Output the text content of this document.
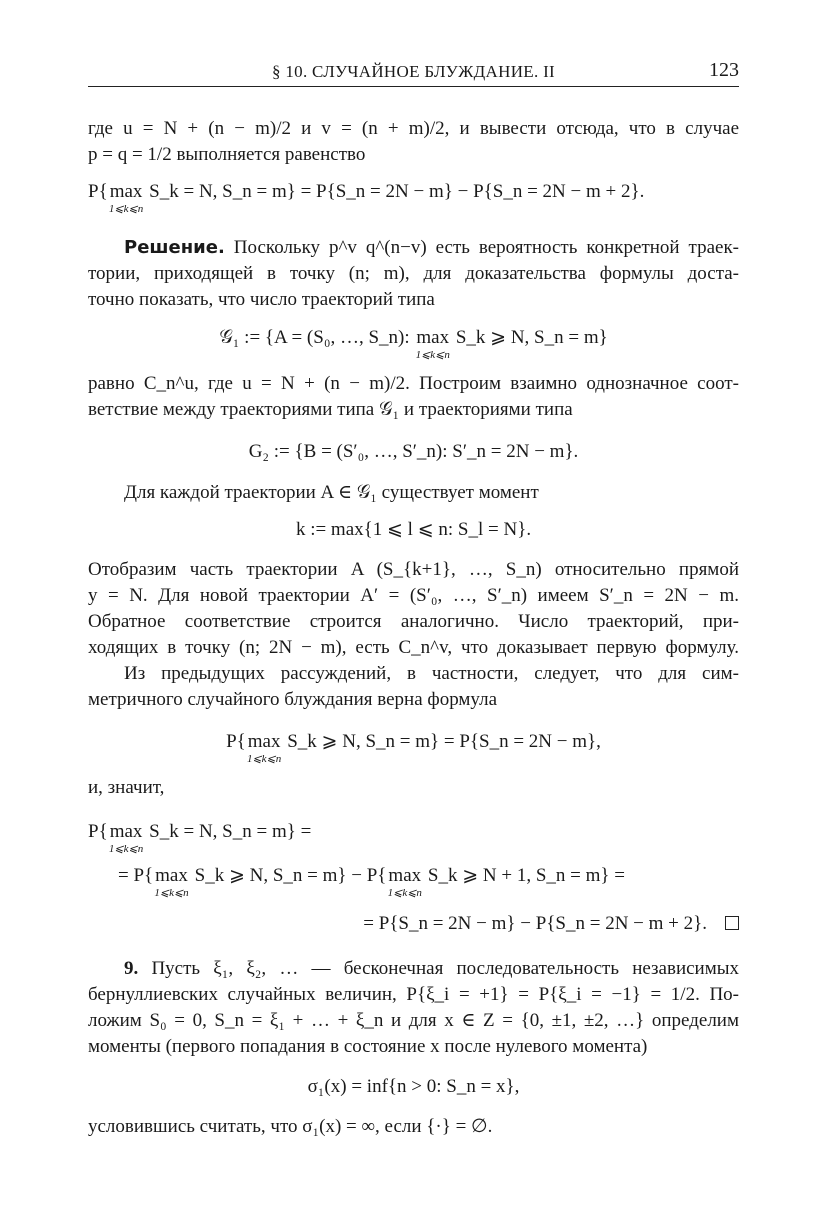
§ 10. СЛУЧАЙНОЕ БЛУЖДАНИЕ. II	123
где u = N + (n − m)/2 и v = (n + m)/2, и вывести отсюда, что в случае
p = q = 1/2 выполняется равенство
P{ max
1⩽k⩽n
S_k = N, S_n = m} = P{S_n = 2N − m} − P{S_n = 2N − m + 2}.
Решение. Поскольку p^v q^(n−v) есть вероятность конкретной траек-
тории, приходящей в точку (n; m), для доказательства формулы доста-
точно показать, что число траекторий типа
𝒢₁ := {A = (S₀, …, S_n): max
1⩽k⩽n
S_k ⩾ N, S_n = m}
равно C_n^u, где u = N + (n − m)/2. Построим взаимно однозначное соот-
ветствие между траекториями типа 𝒢₁ и траекториями типа
G₂ := {B = (S′₀, …, S′_n): S′_n = 2N − m}.
Для каждой траектории A ∈ 𝒢₁ существует момент
k := max{1 ⩽ l ⩽ n: S_l = N}.
Отобразим часть траектории A (S_{k+1}, …, S_n) относительно прямой
y = N. Для новой траектории A′ = (S′₀, …, S′_n) имеем S′_n = 2N − m.
Обратное соответствие строится аналогично. Число траекторий, при-
ходящих в точку (n; 2N − m), есть C_n^v, что доказывает первую формулу.
Из предыдущих рассуждений, в частности, следует, что для сим-
метричного случайного блуждания верна формула
P{ max
1⩽k⩽n
S_k ⩾ N, S_n = m} = P{S_n = 2N − m},
и, значит,
P{ max
1⩽k⩽n
S_k = N, S_n = m} =
= P{ max
1⩽k⩽n
S_k ⩾ N, S_n = m} − P{ max
1⩽k⩽n
S_k ⩾ N + 1, S_n = m} =
= P{S_n = 2N − m} − P{S_n = 2N − m + 2}.
9. Пусть ξ₁, ξ₂, … — бесконечная последовательность независимых
бернуллиевских случайных величин, P{ξ_i = +1} = P{ξ_i = −1} = 1/2. По-
ложим S₀ = 0, S_n = ξ₁ + … + ξ_n и для x ∈ Z = {0, ±1, ±2, …} определим
моменты (первого попадания в состояние x после нулевого момента)
σ₁(x) = inf{n > 0: S_n = x},
условившись считать, что σ₁(x) = ∞, если {·} = ∅.
